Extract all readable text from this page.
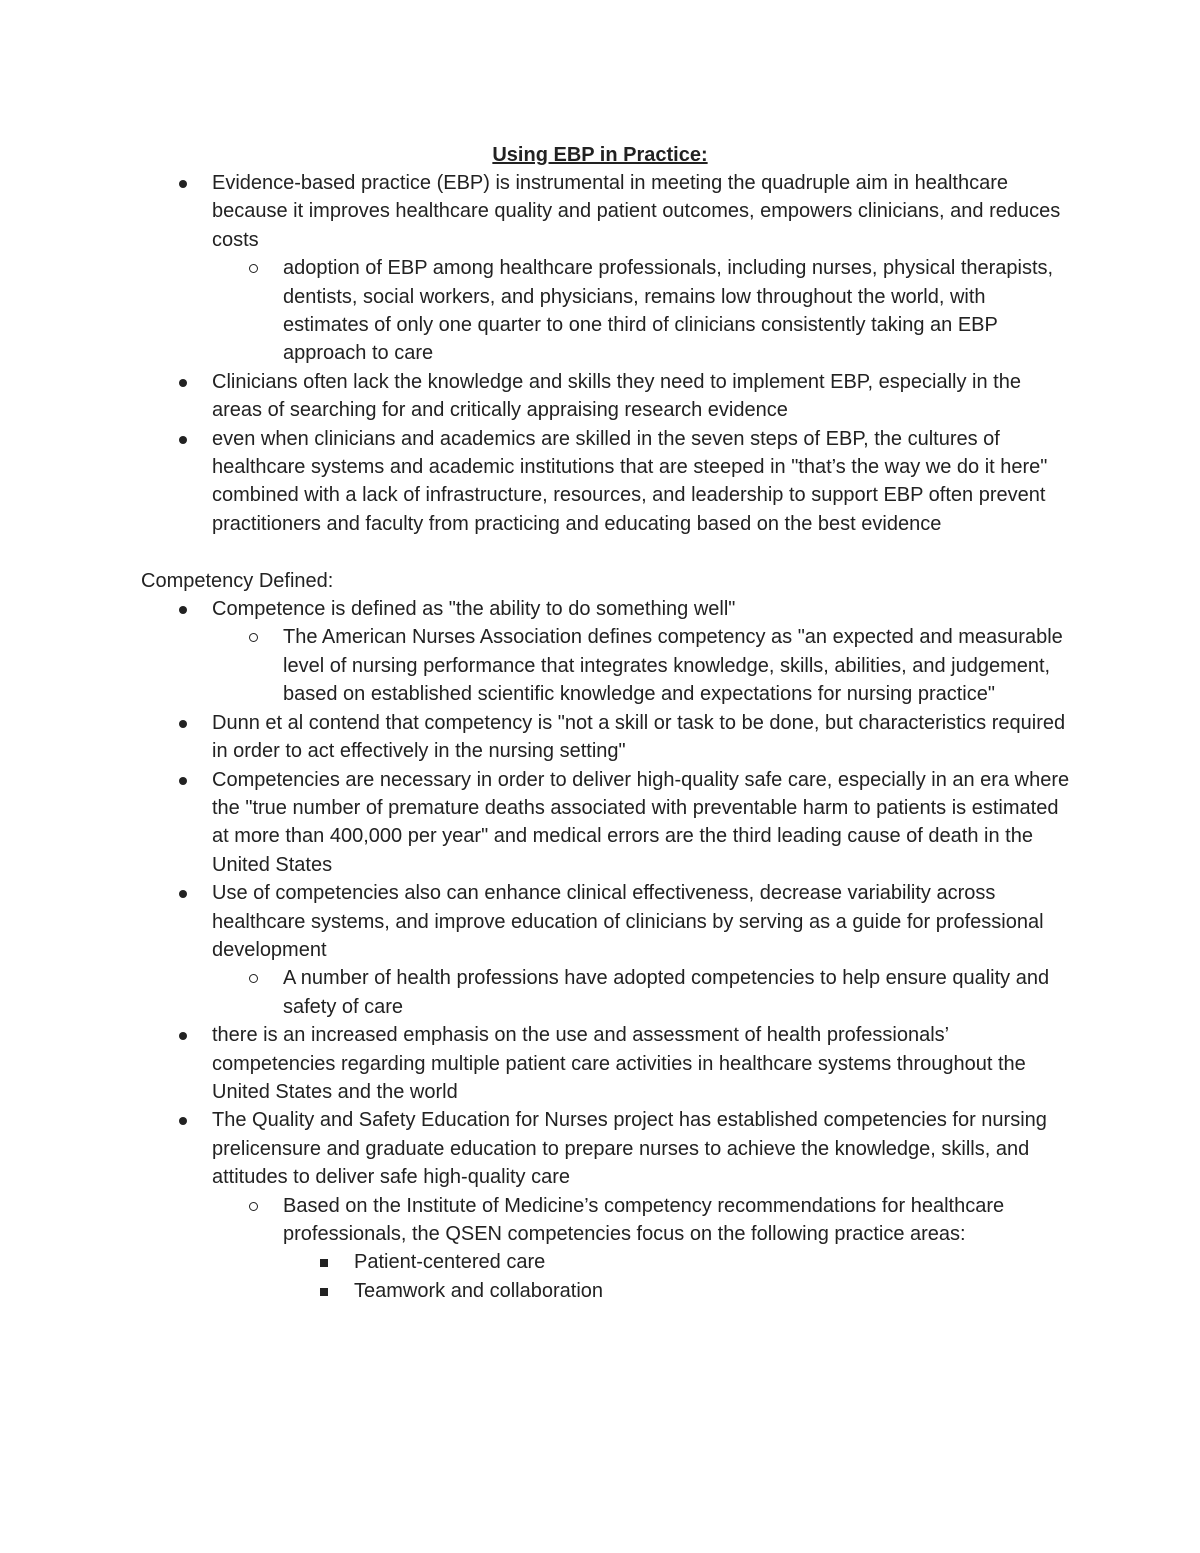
Using EBP in Practice:
Evidence-based practice (EBP) is instrumental in meeting the quadruple aim in healthcare because it improves healthcare quality and patient outcomes, empowers clinicians, and reduces costs
adoption of EBP among healthcare professionals, including nurses, physical therapists, dentists, social workers, and physicians, remains low throughout the world, with estimates of only one quarter to one third of clinicians consistently taking an EBP approach to care
Clinicians often lack the knowledge and skills they need to implement EBP, especially in the areas of searching for and critically appraising research evidence
even when clinicians and academics are skilled in the seven steps of EBP, the cultures of healthcare systems and academic institutions that are steeped in "that’s the way we do it here" combined with a lack of infrastructure, resources, and leadership to support EBP often prevent practitioners and faculty from practicing and educating based on the best evidence
Competency Defined:
Competence is defined as "the ability to do something well"
The American Nurses Association defines competency as "an expected and measurable level of nursing performance that integrates knowledge, skills, abilities, and judgement, based on established scientific knowledge and expectations for nursing practice"
Dunn et al contend that competency is "not a skill or task to be done, but characteristics required in order to act effectively in the nursing setting"
Competencies are necessary in order to deliver high-quality safe care, especially in an era where the "true number of premature deaths associated with preventable harm to patients is estimated at more than 400,000 per year" and medical errors are the third leading cause of death in the United States
Use of competencies also can enhance clinical effectiveness, decrease variability across healthcare systems, and improve education of clinicians by serving as a guide for professional development
A number of health professions have adopted competencies to help ensure quality and safety of care
there is an increased emphasis on the use and assessment of health professionals’ competencies regarding multiple patient care activities in healthcare systems throughout the United States and the world
The Quality and Safety Education for Nurses project has established competencies for nursing prelicensure and graduate education to prepare nurses to achieve the knowledge, skills, and attitudes to deliver safe high-quality care
Based on the Institute of Medicine’s competency recommendations for healthcare professionals, the QSEN competencies focus on the following practice areas:
Patient-centered care
Teamwork and collaboration
